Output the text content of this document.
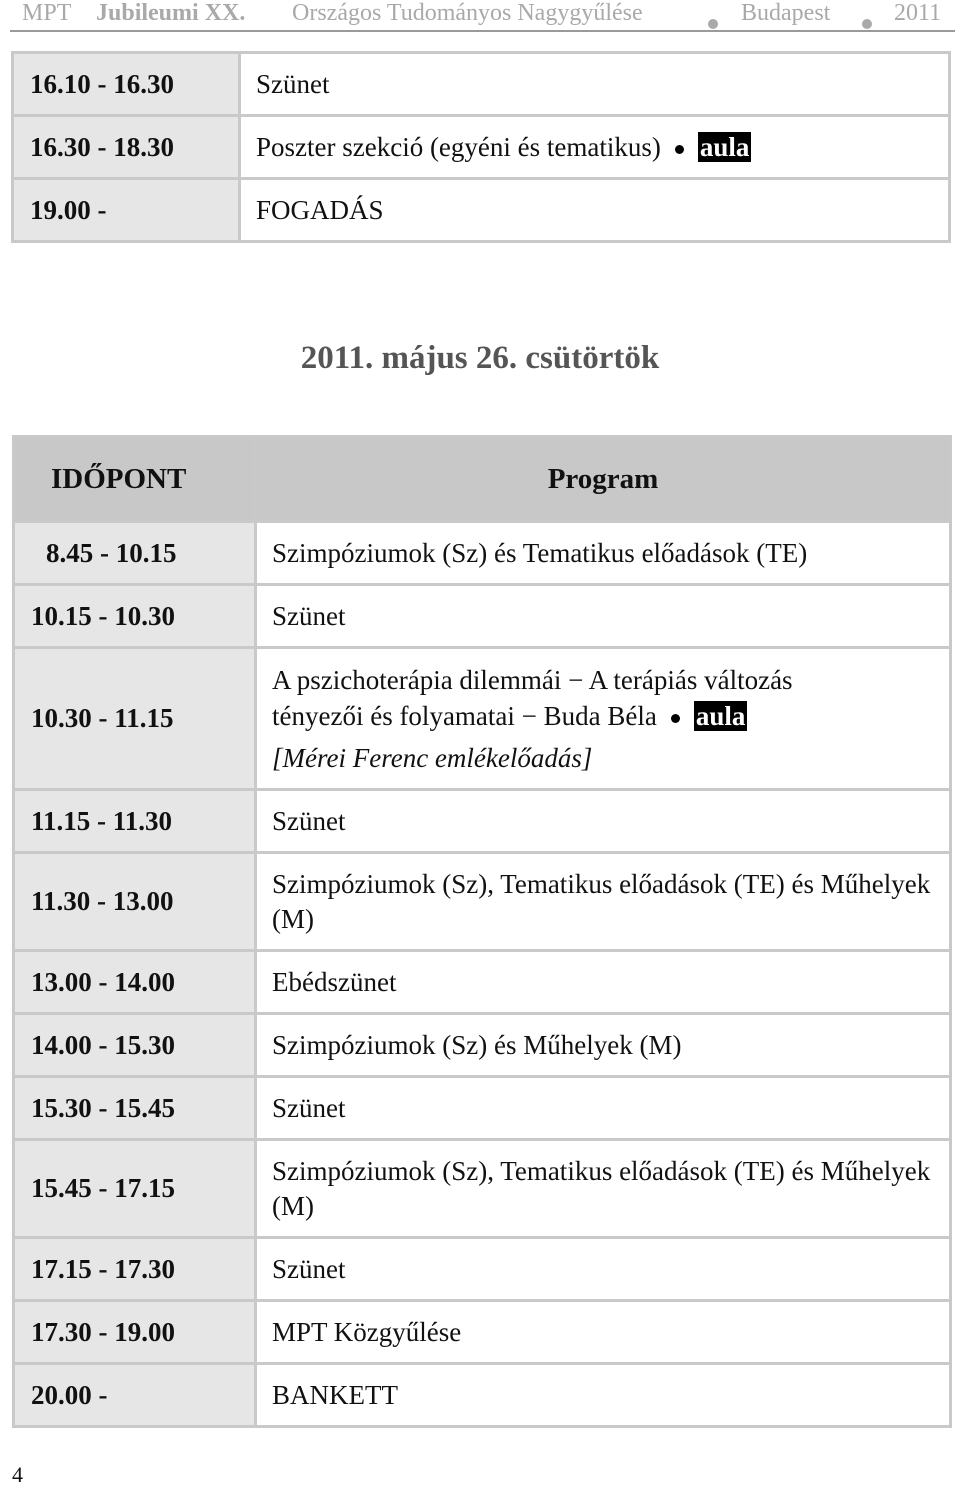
MPT Jubileumi XX. Országos Tudományos Nagygyűlése	Budapest	2011
16.10 - 16.30	Szünet
16.30 - 18.30	Poszter szekció (egyéni és tematikus) aula
19.00 -	FOGADÁS
2011. május 26. csütörtök
IDŐPONT	Program
8.45 - 10.15	Szimpóziumok (Sz) és Tematikus előadások (TE)
10.15 - 10.30	Szünet
10.30 - 11.15	A pszichoterápia dilemmái − A terápiás változás
tényezői és folyamatai − Buda Béla aula
[Mérei Ferenc emlékelőadás]

11.15 - 11.30	Szünet
11.30 - 13.00	Szimpóziumok (Sz), Tematikus előadások (TE) és Műhelyek (M)
13.00 - 14.00	Ebédszünet
14.00 - 15.30	Szimpóziumok (Sz) és Műhelyek (M)
15.30 - 15.45	Szünet
15.45 - 17.15	Szimpóziumok (Sz), Tematikus előadások (TE) és Műhelyek (M)
17.15 - 17.30	Szünet
17.30 - 19.00	MPT Közgyűlése
20.00 -	BANKETT
4
